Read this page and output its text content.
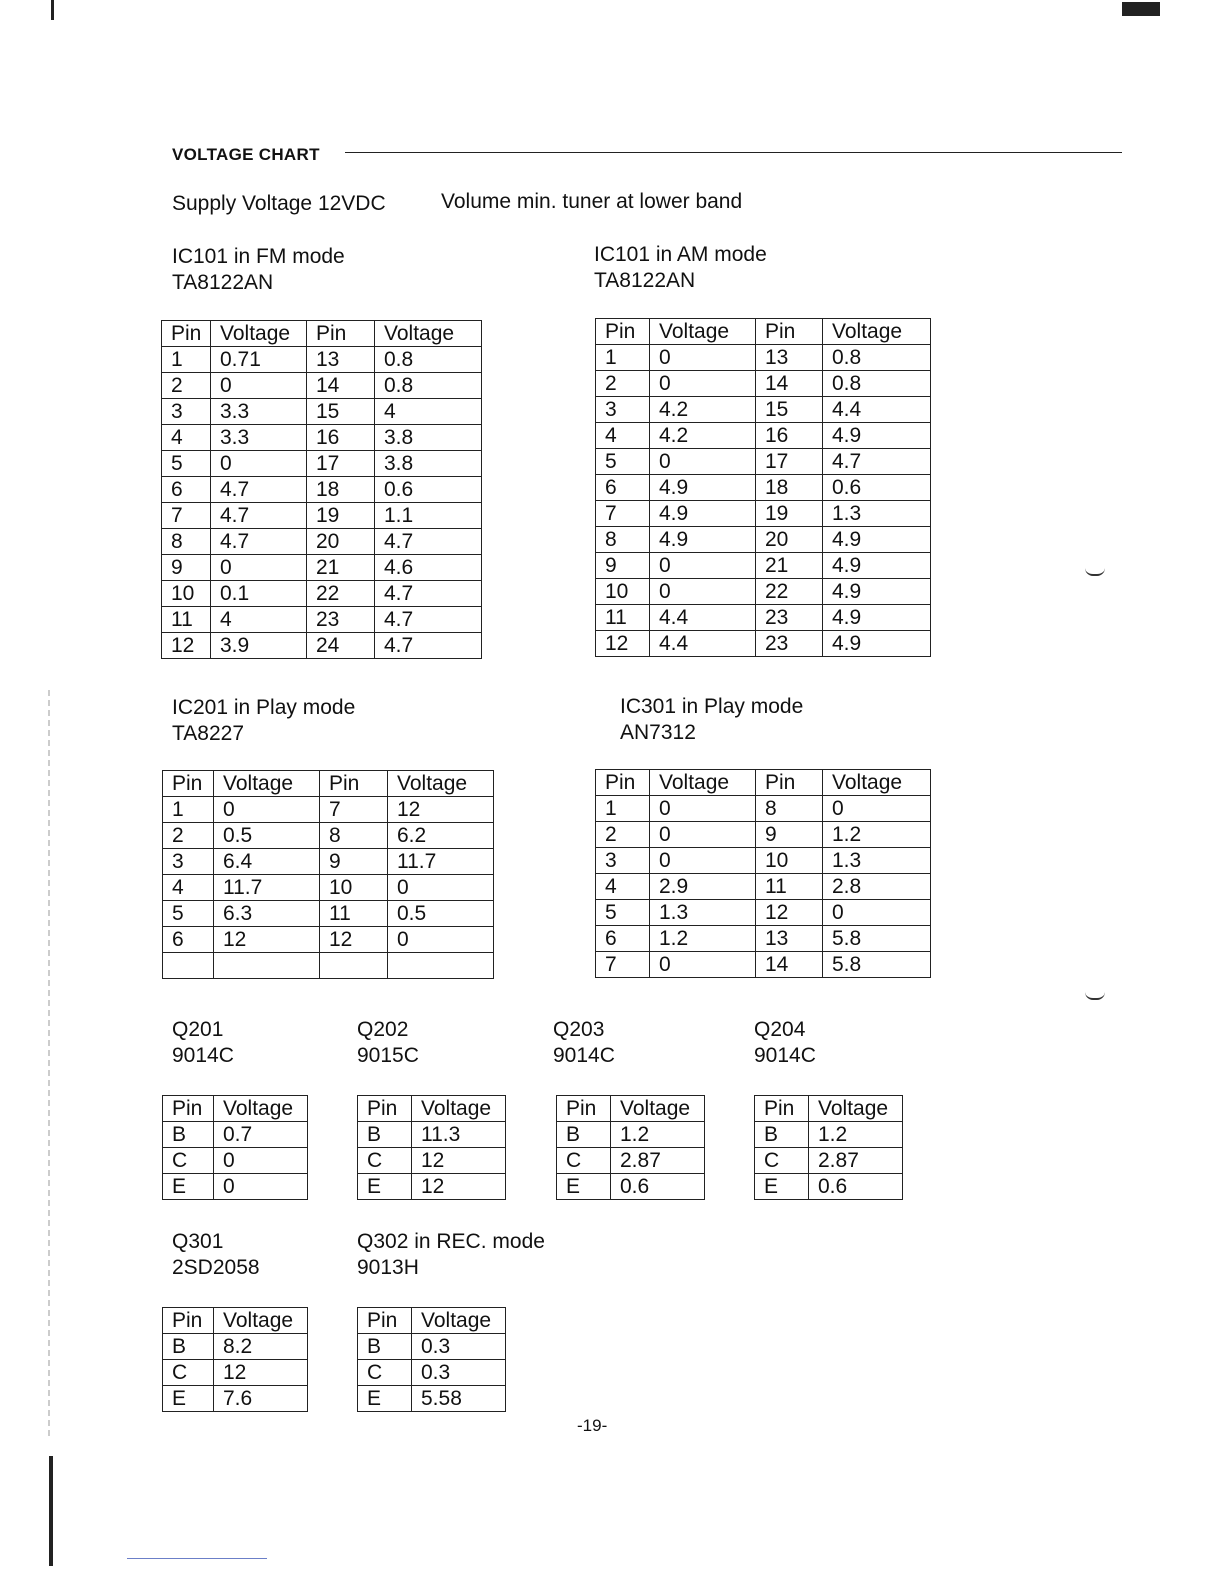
VOLTAGE CHART
Supply Voltage 12VDC	Volume min. tuner at lower band
IC101 in FM mode
TA8122AN
IC101 in AM mode
TA8122AN
IC201 in Play mode
TA8227
IC301 in Play mode
AN7312
Q201
9014C
Q202
9015C
Q203
9014C
Q204
9014C
Q301
2SD2058
Q302 in REC. mode
9013H
Pin	Voltage	Pin	Voltage
1	0.71	13	0.8
2	0	14	0.8
3	3.3	15	4
4	3.3	16	3.8
5	0	17	3.8
6	4.7	18	0.6
7	4.7	19	1.1
8	4.7	20	4.7
9	0	21	4.6
10	0.1	22	4.7
11	4	23	4.7
12	3.9	24	4.7
Pin	Voltage	Pin	Voltage
1	0	13	0.8
2	0	14	0.8
3	4.2	15	4.4
4	4.2	16	4.9
5	0	17	4.7
6	4.9	18	0.6
7	4.9	19	1.3
8	4.9	20	4.9
9	0	21	4.9
10	0	22	4.9
11	4.4	23	4.9
12	4.4	23	4.9
Pin	Voltage	Pin	Voltage
1	0	7	12
2	0.5	8	6.2
3	6.4	9	11.7
4	11.7	10	0
5	6.3	11	0.5
6	12	12	0

Pin	Voltage	Pin	Voltage
1	0	8	0
2	0	9	1.2
3	0	10	1.3
4	2.9	11	2.8
5	1.3	12	0
6	1.2	13	5.8
7	0	14	5.8
Pin	Voltage
B	0.7
C	0
E	0
Pin	Voltage
B	11.3
C	12
E	12
Pin	Voltage
B	1.2
C	2.87
E	0.6
Pin	Voltage
B	1.2
C	2.87
E	0.6
Pin	Voltage
B	8.2
C	12
E	7.6
Pin	Voltage
B	0.3
C	0.3
E	5.58
-19-
